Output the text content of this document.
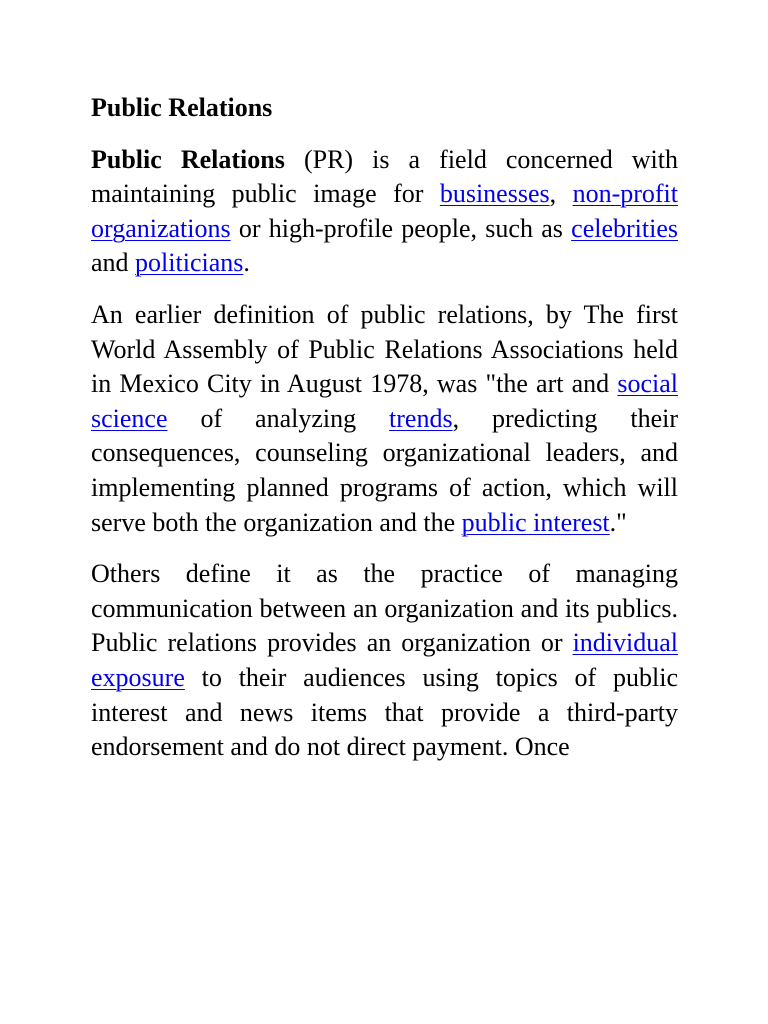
Public Relations

Public Relations (PR) is a field concerned with maintaining public image for businesses, non-profit organizations or high-profile people, such as celebrities and politicians.

An earlier definition of public relations, by The first World Assembly of Public Relations Associations held in Mexico City in August 1978, was "the art and social science of analyzing trends, predicting their consequences, counseling organizational leaders, and implementing planned programs of action, which will serve both the organization and the public interest."

Others define it as the practice of managing communication between an organization and its publics. Public relations provides an organization or individual exposure to their audiences using topics of public interest and news items that provide a third-party endorsement and do not direct payment. Once
